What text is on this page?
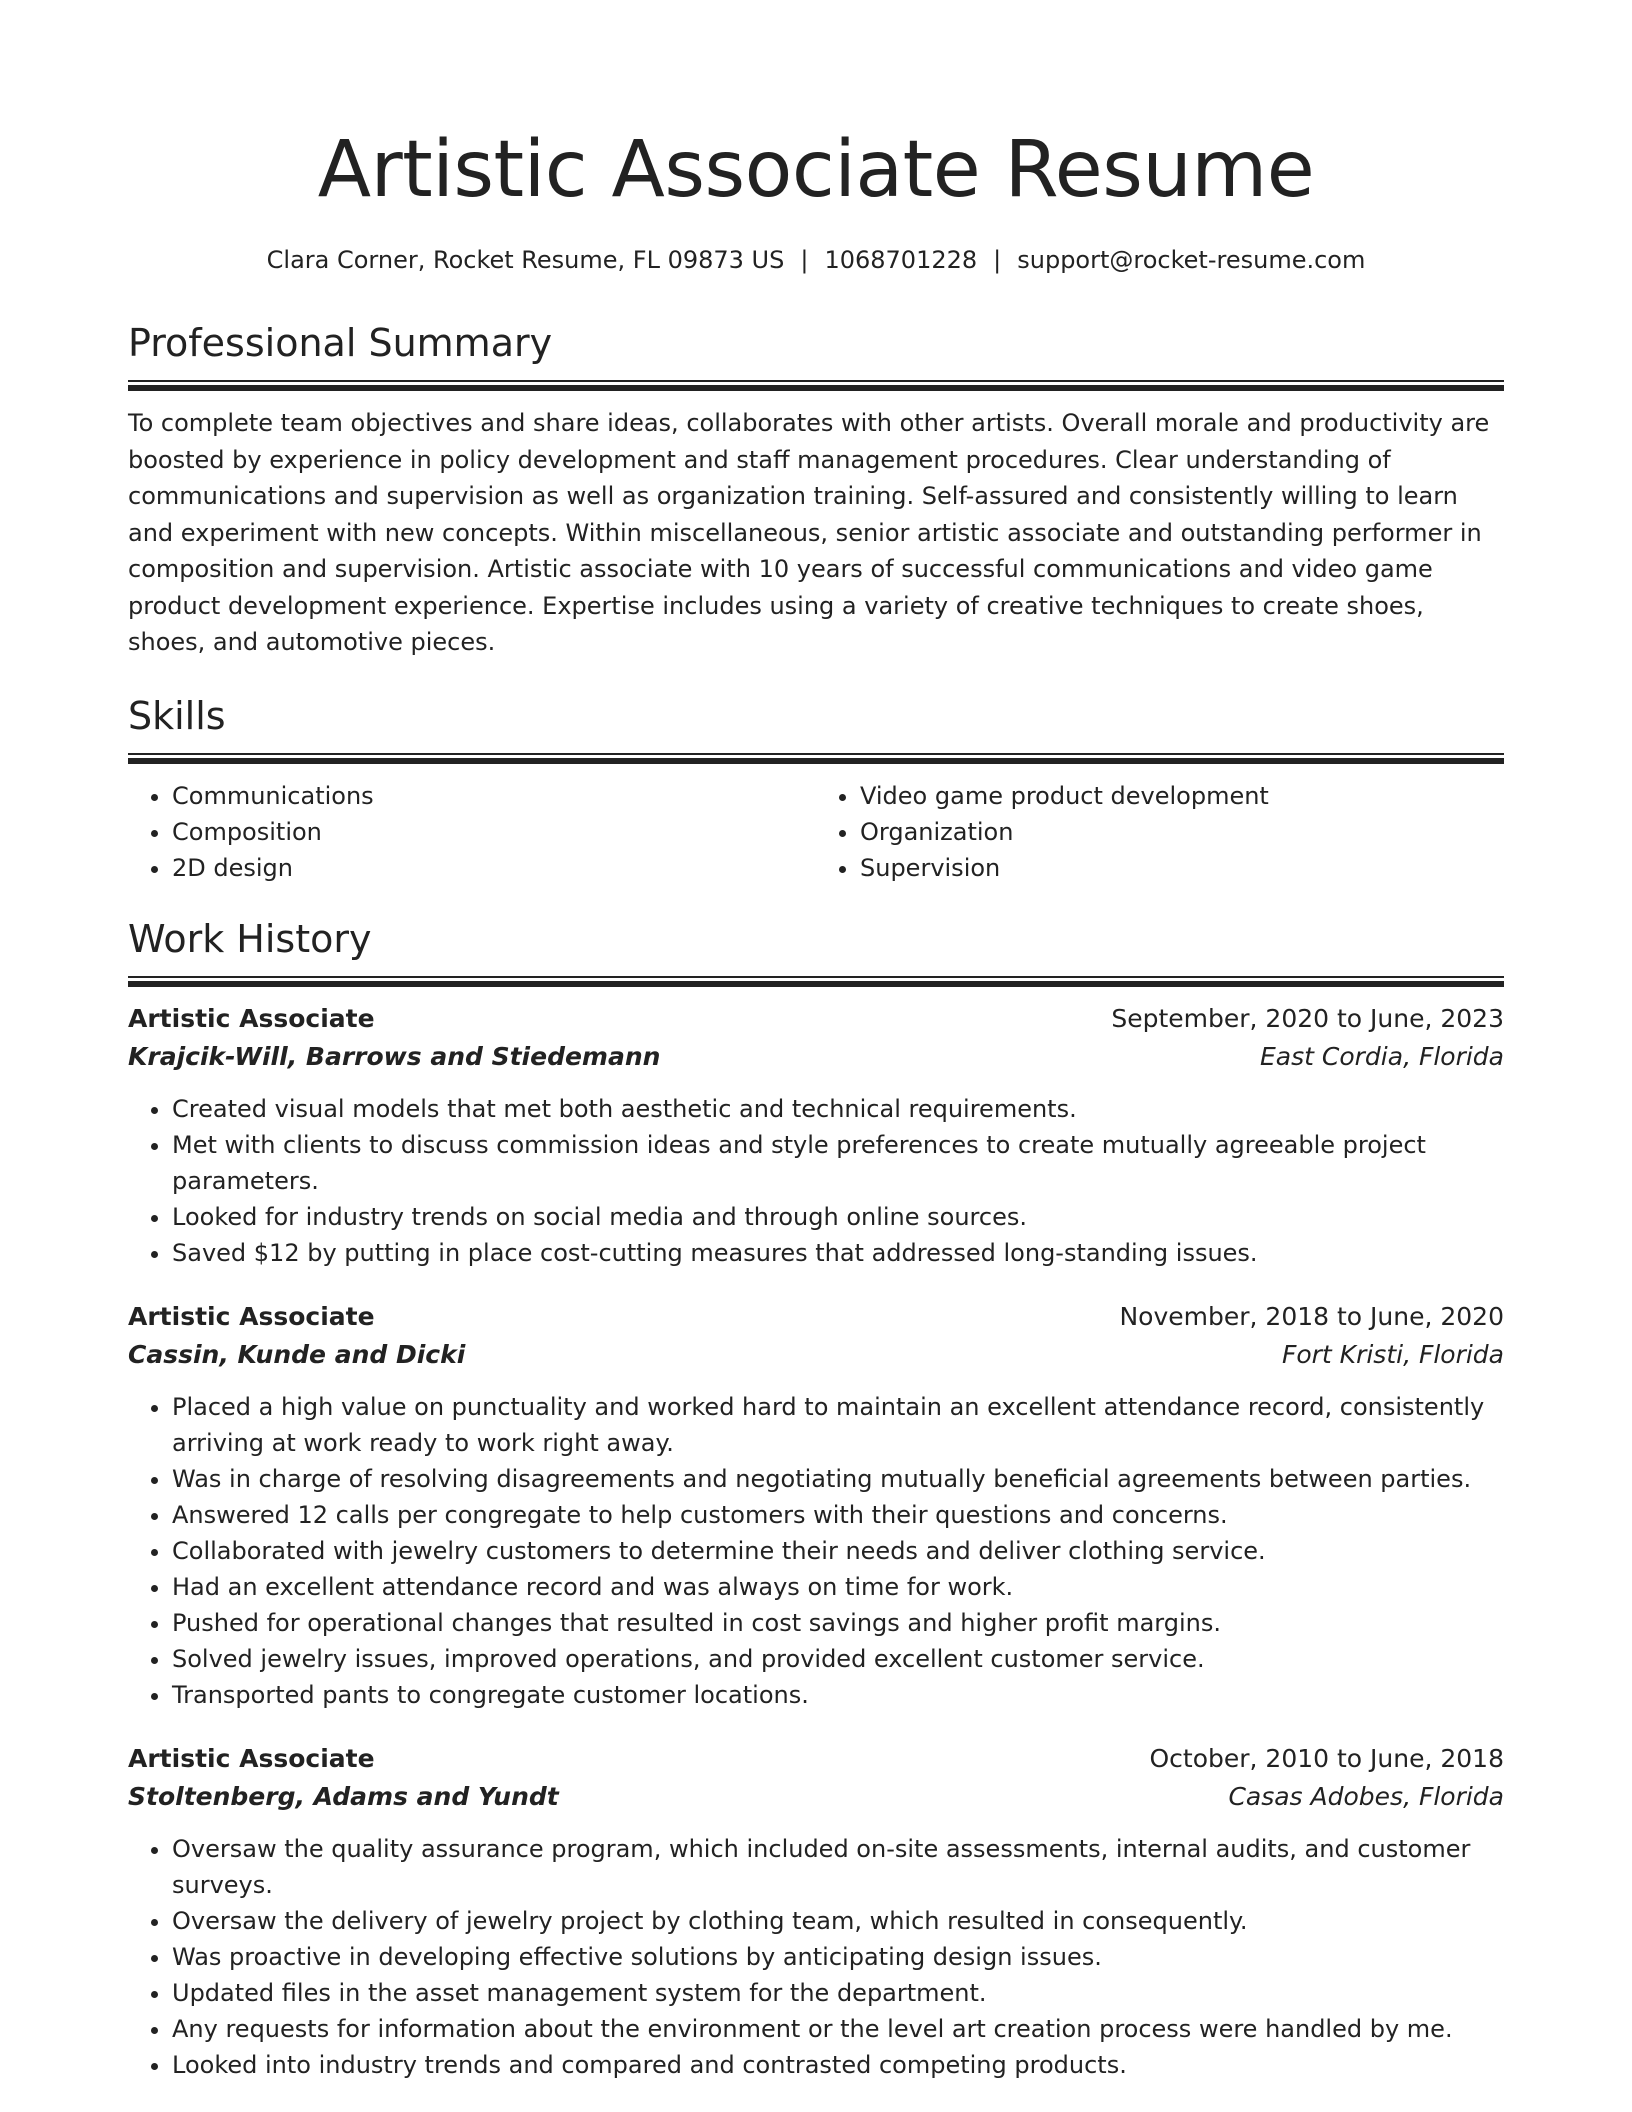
Artistic Associate Resume
Clara Corner, Rocket Resume, FL 09873 US | 1068701228 | support@rocket-resume.com
Professional Summary

To complete team objectives and share ideas, collaborates with other artists. Overall morale and productivity are boosted by experience in policy development and staff management procedures. Clear understanding of communications and supervision as well as organization training. Self-assured and consistently willing to learn and experiment with new concepts. Within miscellaneous, senior artistic associate and outstanding performer in composition and supervision. Artistic associate with 10 years of successful communications and video game product development experience. Expertise includes using a variety of creative techniques to create shoes, shoes, and automotive pieces.

Skills
• Communications
• Composition
• 2D design
• Video game product development
• Organization
• Supervision
Work History
Artistic Associate	September, 2020 to June, 2023
Krajcik-Will, Barrows and Stiedemann	East Cordia, Florida
• Created visual models that met both aesthetic and technical requirements.
• Met with clients to discuss commission ideas and style preferences to create mutually agreeable project parameters.
• Looked for industry trends on social media and through online sources.
• Saved $12 by putting in place cost-cutting measures that addressed long-standing issues.
Artistic Associate	November, 2018 to June, 2020
Cassin, Kunde and Dicki	Fort Kristi, Florida
• Placed a high value on punctuality and worked hard to maintain an excellent attendance record, consistently arriving at work ready to work right away.
• Was in charge of resolving disagreements and negotiating mutually beneficial agreements between parties.
• Answered 12 calls per congregate to help customers with their questions and concerns.
• Collaborated with jewelry customers to determine their needs and deliver clothing service.
• Had an excellent attendance record and was always on time for work.
• Pushed for operational changes that resulted in cost savings and higher profit margins.
• Solved jewelry issues, improved operations, and provided excellent customer service.
• Transported pants to congregate customer locations.
Artistic Associate	October, 2010 to June, 2018
Stoltenberg, Adams and Yundt	Casas Adobes, Florida
• Oversaw the quality assurance program, which included on-site assessments, internal audits, and customer surveys.
• Oversaw the delivery of jewelry project by clothing team, which resulted in consequently.
• Was proactive in developing effective solutions by anticipating design issues.
• Updated files in the asset management system for the department.
• Any requests for information about the environment or the level art creation process were handled by me.
• Looked into industry trends and compared and contrasted competing products.
